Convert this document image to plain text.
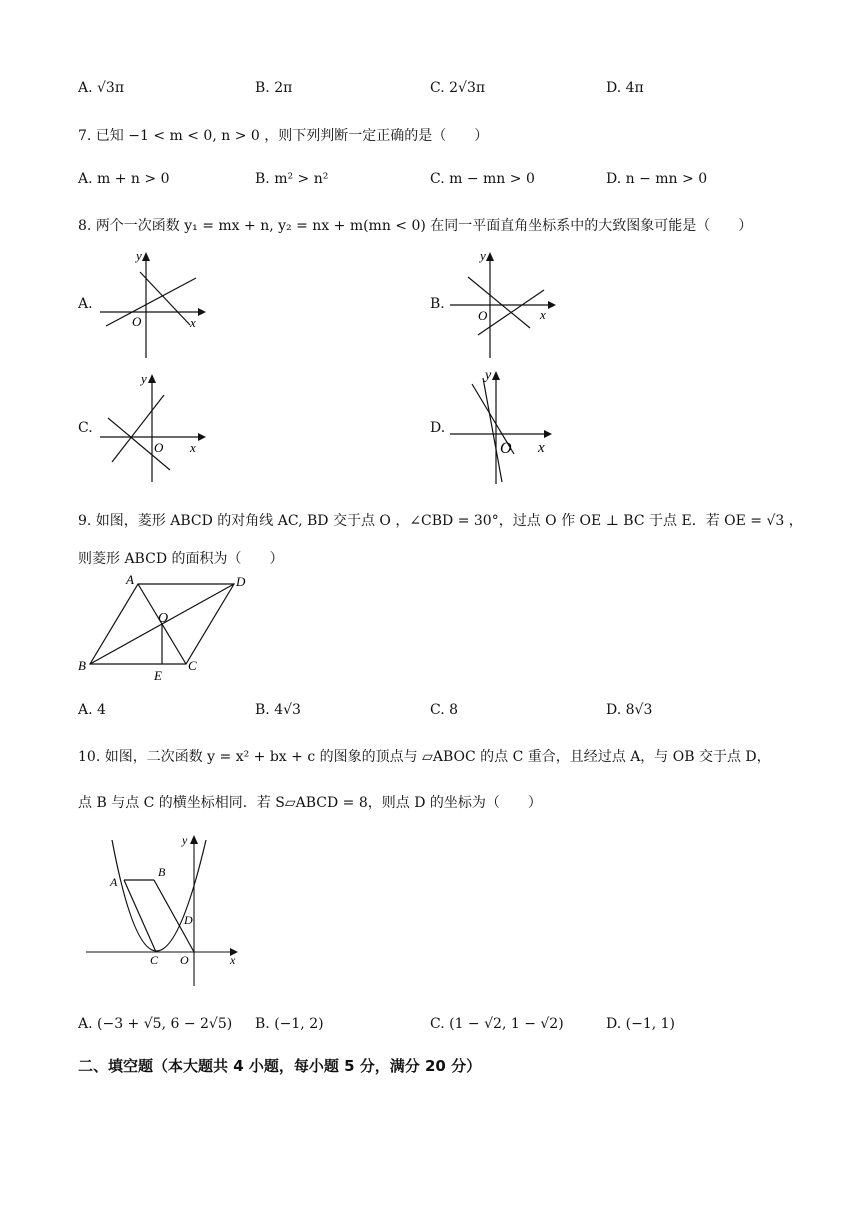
A. √3π	B. 2π	C. 2√3π	D. 4π
7. 已知 −1 < m < 0, n > 0 ，则下列判断一定正确的是（　　）
A. m + n > 0	B. m² > n²	C. m − mn > 0	D. n − mn > 0
8. 两个一次函数 y₁ = mx + n, y₂ = nx + m(mn < 0) 在同一平面直角坐标系中的大致图象可能是（　　）
A.
y
O	x
B.
y
O	x
C.
y
O x
D.
y
O x
9. 如图，菱形 ABCD 的对角线 AC, BD 交于点 O ，∠CBD = 30°，过点 O 作 OE ⊥ BC 于点 E．若 OE = √3 ，
则菱形 ABCD 的面积为（　　）
A	D
O
B	C
E
A. 4	B. 4√3	C. 8	D. 8√3
10. 如图，二次函数 y = x² + bx + c 的图象的顶点与 ▱ABOC 的点 C 重合，且经过点 A，与 OB 交于点 D，
点 B 与点 C 的横坐标相同．若 S▱ABCD = 8，则点 D 的坐标为（　　）
A
B
D
C O	x
y
A. (−3 + √5, 6 − 2√5) B. (−1, 2)	C. (1 − √2, 1 − √2)	D. (−1, 1)
二、填空题（本大题共 4 小题，每小题 5 分，满分 20 分）
